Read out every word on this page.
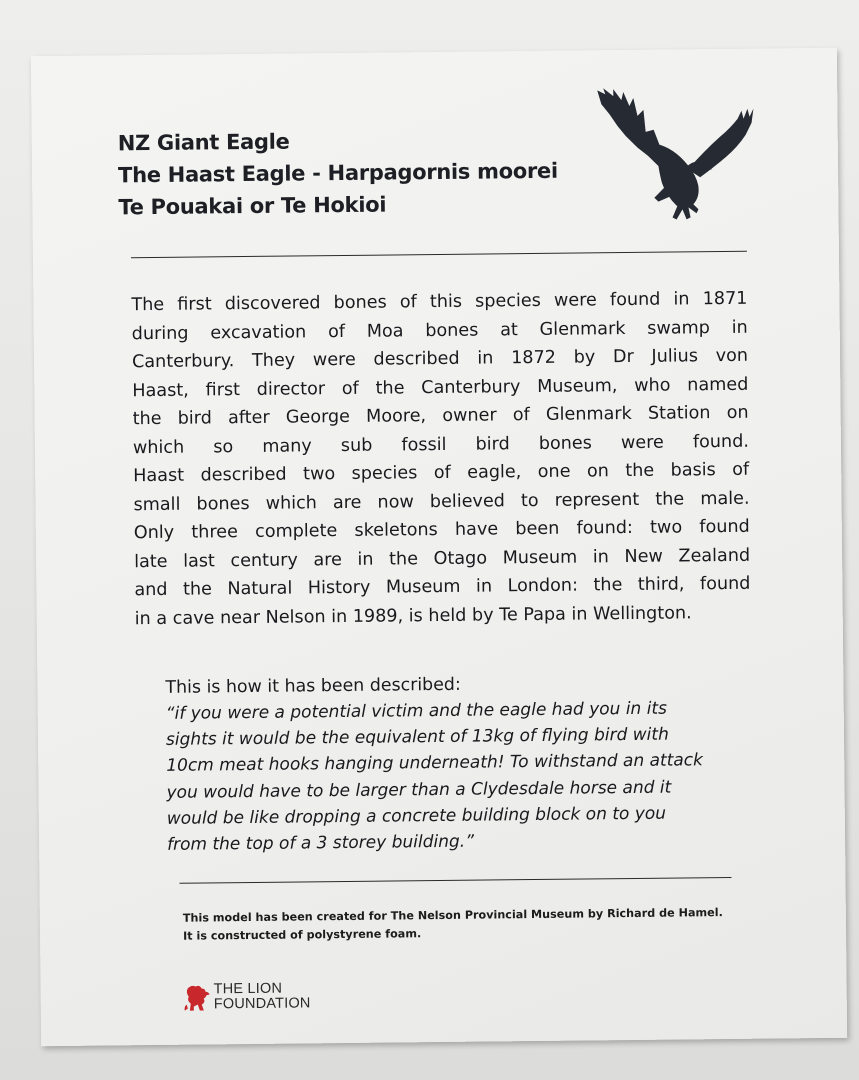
NZ Giant Eagle
The Haast Eagle - Harpagornis moorei
Te Pouakai or Te Hokioi
The first discovered bones of this species were found in 1871
during excavation of Moa bones at Glenmark swamp in
Canterbury. They were described in 1872 by Dr Julius von
Haast, first director of the Canterbury Museum, who named
the bird after George Moore, owner of Glenmark Station on
which so many sub fossil bird bones were found.
Haast described two species of eagle, one on the basis of
small bones which are now believed to represent the male.
Only three complete skeletons have been found: two found
late last century are in the Otago Museum in New Zealand
and the Natural History Museum in London: the third, found
in a cave near Nelson in 1989, is held by Te Papa in Wellington.
This is how it has been described:
“if you were a potential victim and the eagle had you in its
sights it would be the equivalent of 13kg of flying bird with
10cm meat hooks hanging underneath! To withstand an attack
you would have to be larger than a Clydesdale horse and it
would be like dropping a concrete building block on to you
from the top of a 3 storey building.”
This model has been created for The Nelson Provincial Museum by Richard de Hamel.
It is constructed of polystyrene foam.
THE LION
FOUNDATION
